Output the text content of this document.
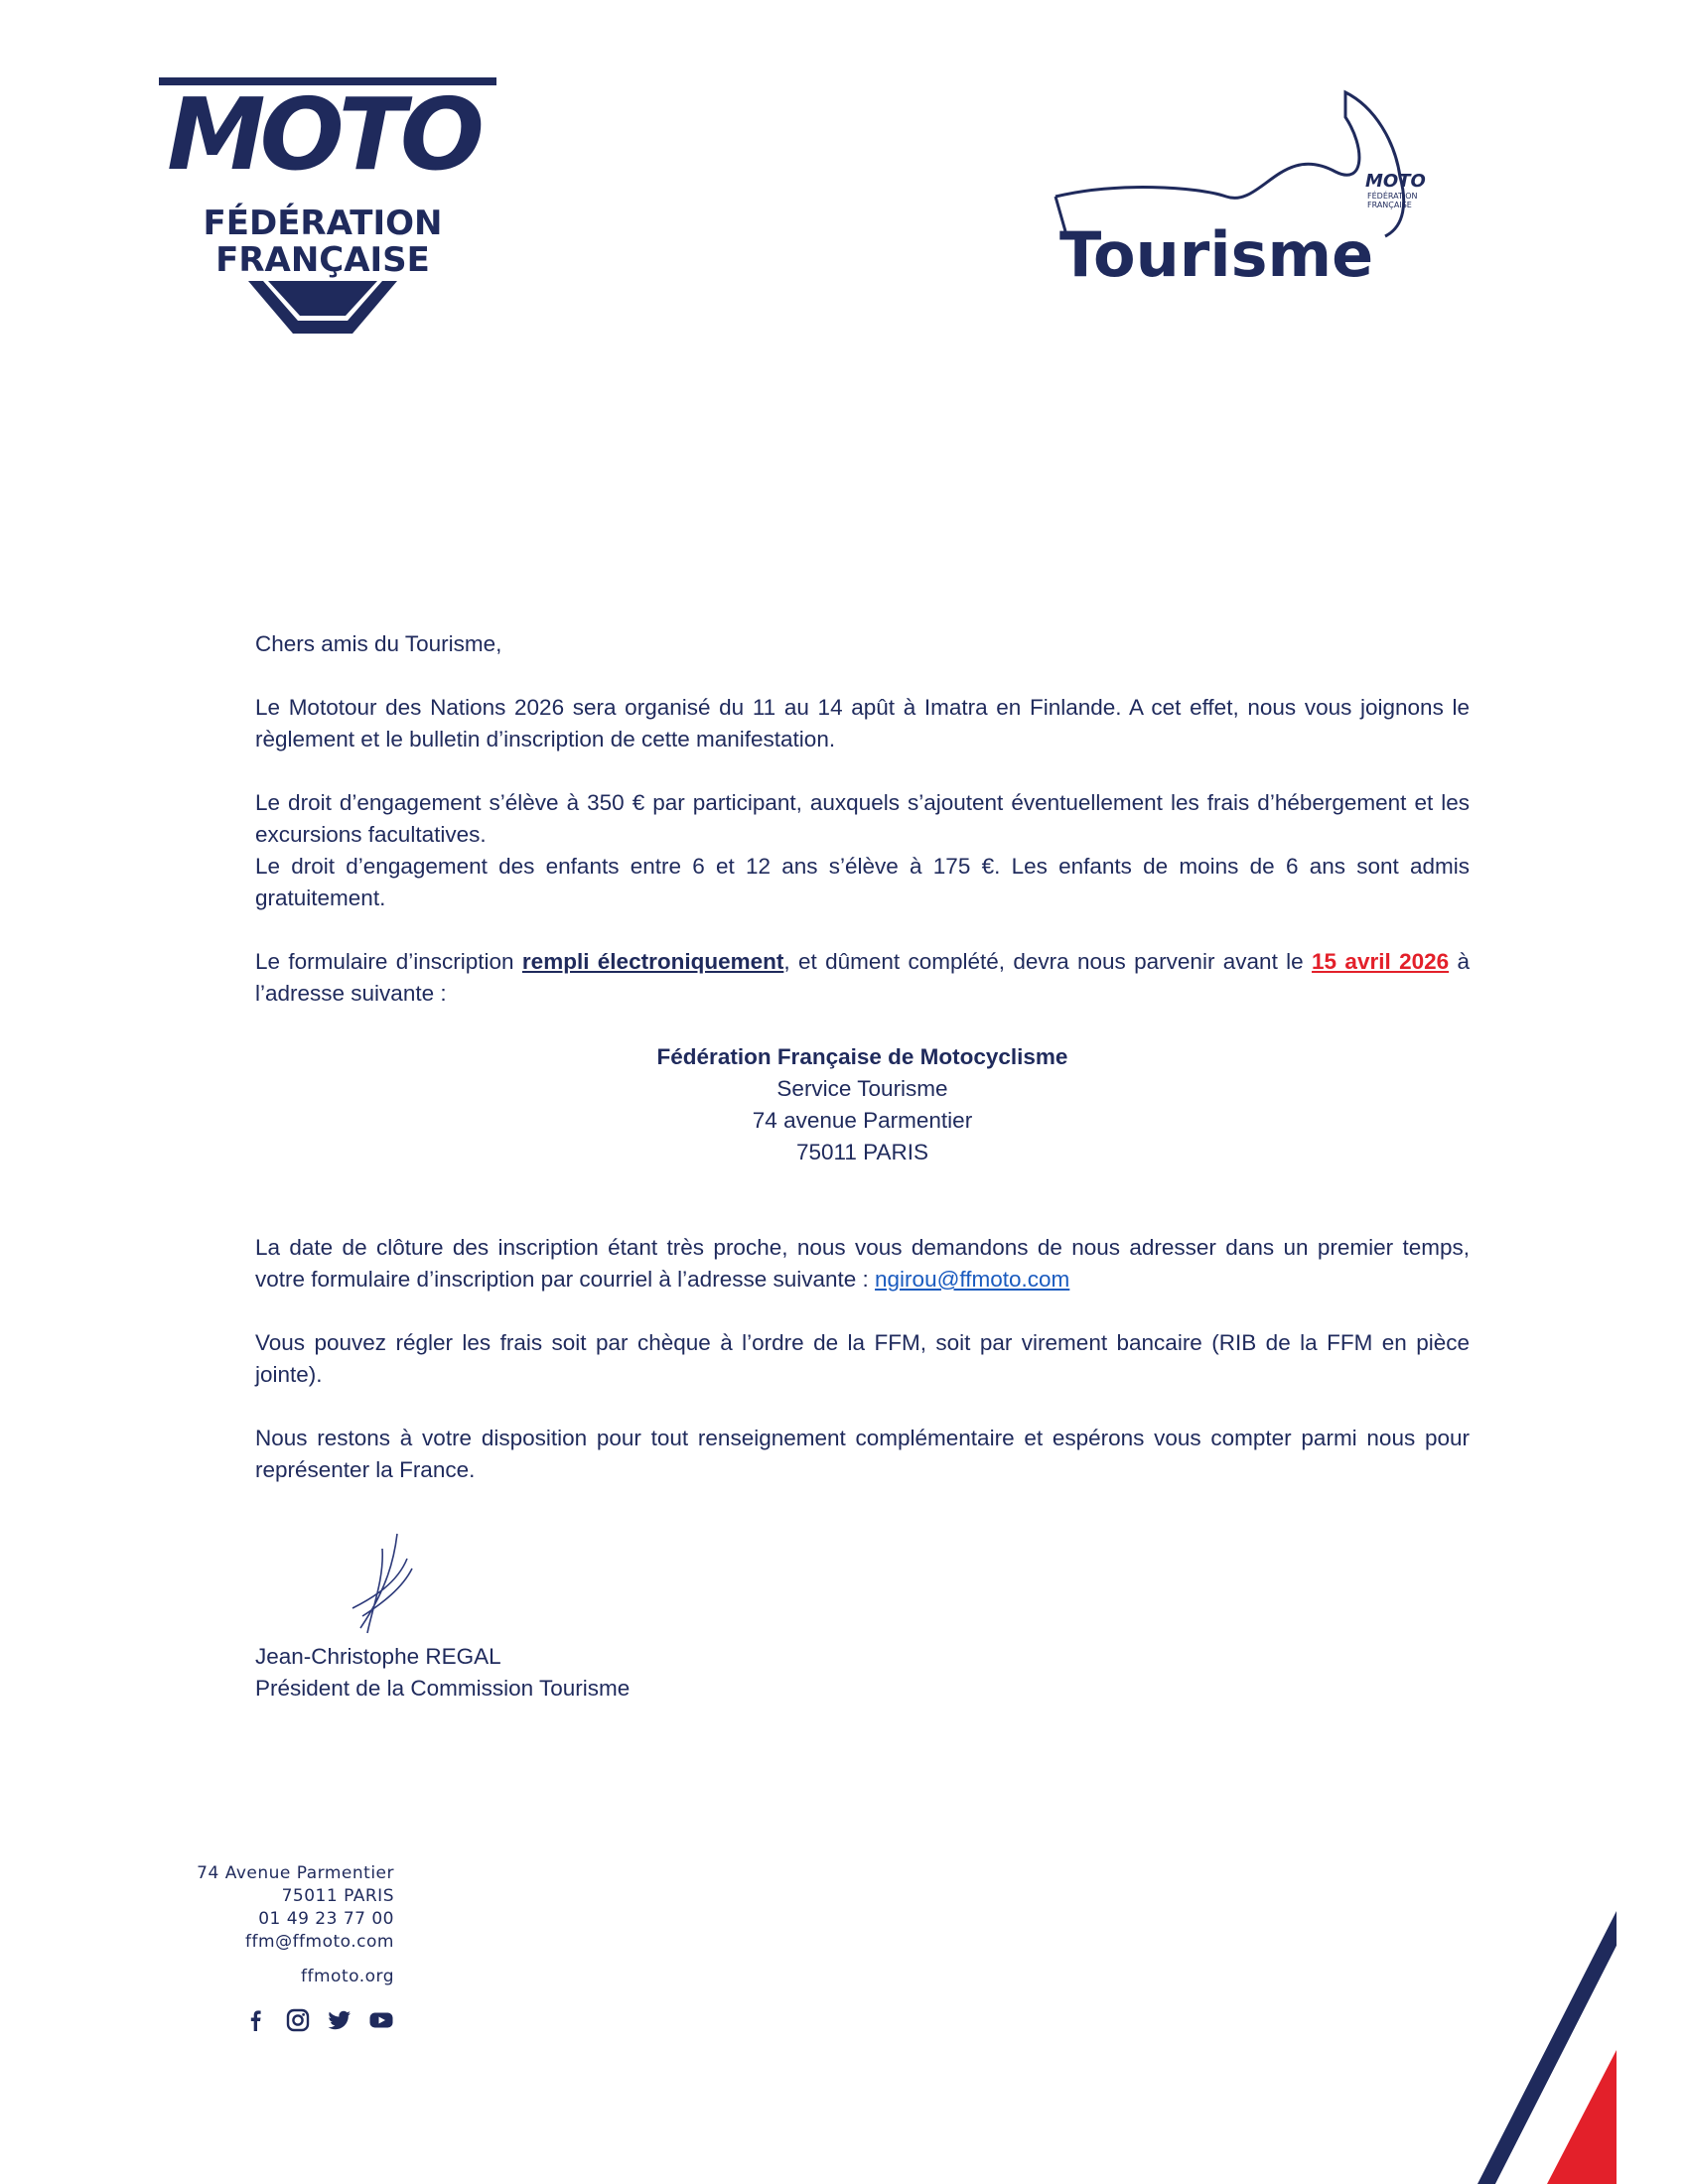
MOTO
FÉDÉRATION
FRANÇAISE
MOTO
FÉDÉRATION
FRANÇAISE
Tourisme

Chers amis du Tourisme,

Le Mototour des Nations 2026 sera organisé du 11 au 14 apût à Imatra en Finlande. A cet effet, nous vous joignons le règlement et le bulletin d’inscription de cette manifestation.

Le droit d’engagement s’élève à 350 € par participant, auxquels s’ajoutent éventuellement les frais d’hébergement et les excursions facultatives.

Le droit d’engagement des enfants entre 6 et 12 ans s’élève à 175 €. Les enfants de moins de 6 ans sont admis gratuitement.

Le formulaire d’inscription rempli électroniquement, et dûment complété, devra nous parvenir avant le 15 avril 2026 à l’adresse suivante :

Fédération Française de Motocyclisme

Service Tourisme

74 avenue Parmentier

75011 PARIS

La date de clôture des inscription étant très proche, nous vous demandons de nous adresser dans un premier temps, votre formulaire d’inscription par courriel à l’adresse suivante : ngirou@ffmoto.com

Vous pouvez régler les frais soit par chèque à l’ordre de la FFM, soit par virement bancaire (RIB de la FFM en pièce jointe).

Nous restons à votre disposition pour tout renseignement complémentaire et espérons vous compter parmi nous pour représenter la France.

Jean-Christophe REGAL
Président de la Commission Tourisme
74 Avenue Parmentier
75011 PARIS
01 49 23 77 00
ffm@ffmoto.com
ffmoto.org
